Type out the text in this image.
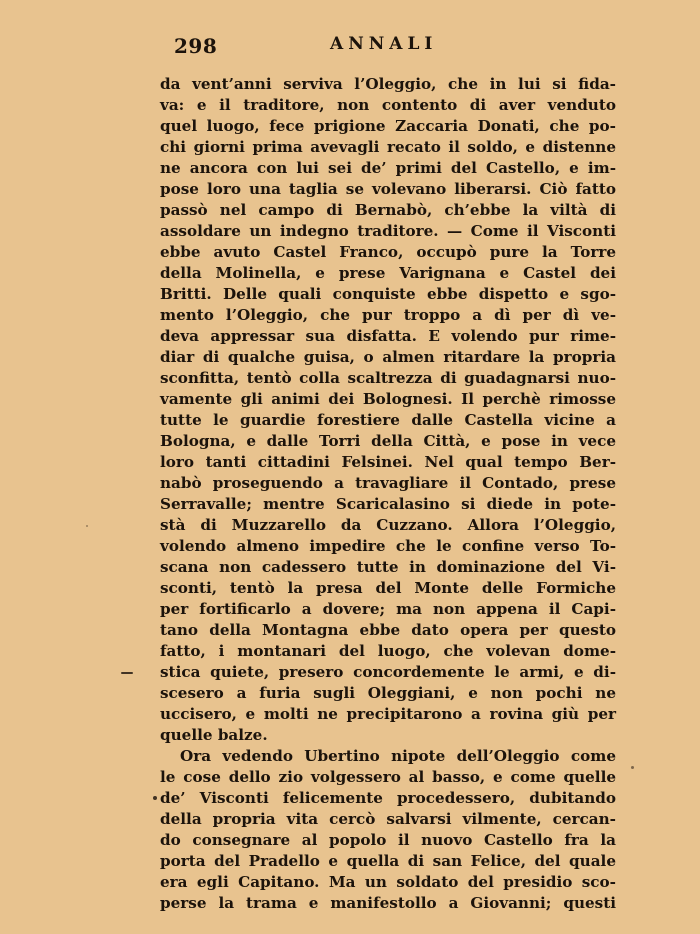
298	ANNALI
da vent’anni serviva l’Oleggio, che in lui si fida-
va: e il traditore, non contento di aver venduto
quel luogo, fece prigione Zaccaria Donati, che po-
chi giorni prima avevagli recato il soldo, e distenne
ne ancora con lui sei de’ primi del Castello, e im-
pose loro una taglia se volevano liberarsi. Ciò fatto
passò nel campo di Bernabò, ch’ebbe la viltà di
assoldare un indegno traditore. — Come il Visconti
ebbe avuto Castel Franco, occupò pure la Torre
della Molinella, e prese Varignana e Castel dei
Britti. Delle quali conquiste ebbe dispetto e sgo-
mento l’Oleggio, che pur troppo a dì per dì ve-
deva appressar sua disfatta. E volendo pur rime-
diar di qualche guisa, o almen ritardare la propria
sconfitta, tentò colla scaltrezza di guadagnarsi nuo-
vamente gli animi dei Bolognesi. Il perchè rimosse
tutte le guardie forestiere dalle Castella vicine a
Bologna, e dalle Torri della Città, e pose in vece
loro tanti cittadini Felsinei. Nel qual tempo Ber-
nabò proseguendo a travagliare il Contado, prese
Serravalle; mentre Scaricalasino si diede in pote-
stà di Muzzarello da Cuzzano. Allora l’Oleggio,
volendo almeno impedire che le confine verso To-
scana non cadessero tutte in dominazione del Vi-
sconti, tentò la presa del Monte delle Formiche
per fortificarlo a dovere; ma non appena il Capi-
tano della Montagna ebbe dato opera per questo
fatto, i montanari del luogo, che volevan dome-
stica quiete, presero concordemente le armi, e di-
scesero a furia sugli Oleggiani, e non pochi ne
uccisero, e molti ne precipitarono a rovina giù per
quelle balze.
Ora vedendo Ubertino nipote dell’Oleggio come
le cose dello zio volgessero al basso, e come quelle
de’ Visconti felicemente procedessero, dubitando
della propria vita cercò salvarsi vilmente, cercan-
do consegnare al popolo il nuovo Castello fra la
porta del Pradello e quella di san Felice, del quale
era egli Capitano. Ma un soldato del presidio sco-
perse la trama e manifestollo a Giovanni; questi
